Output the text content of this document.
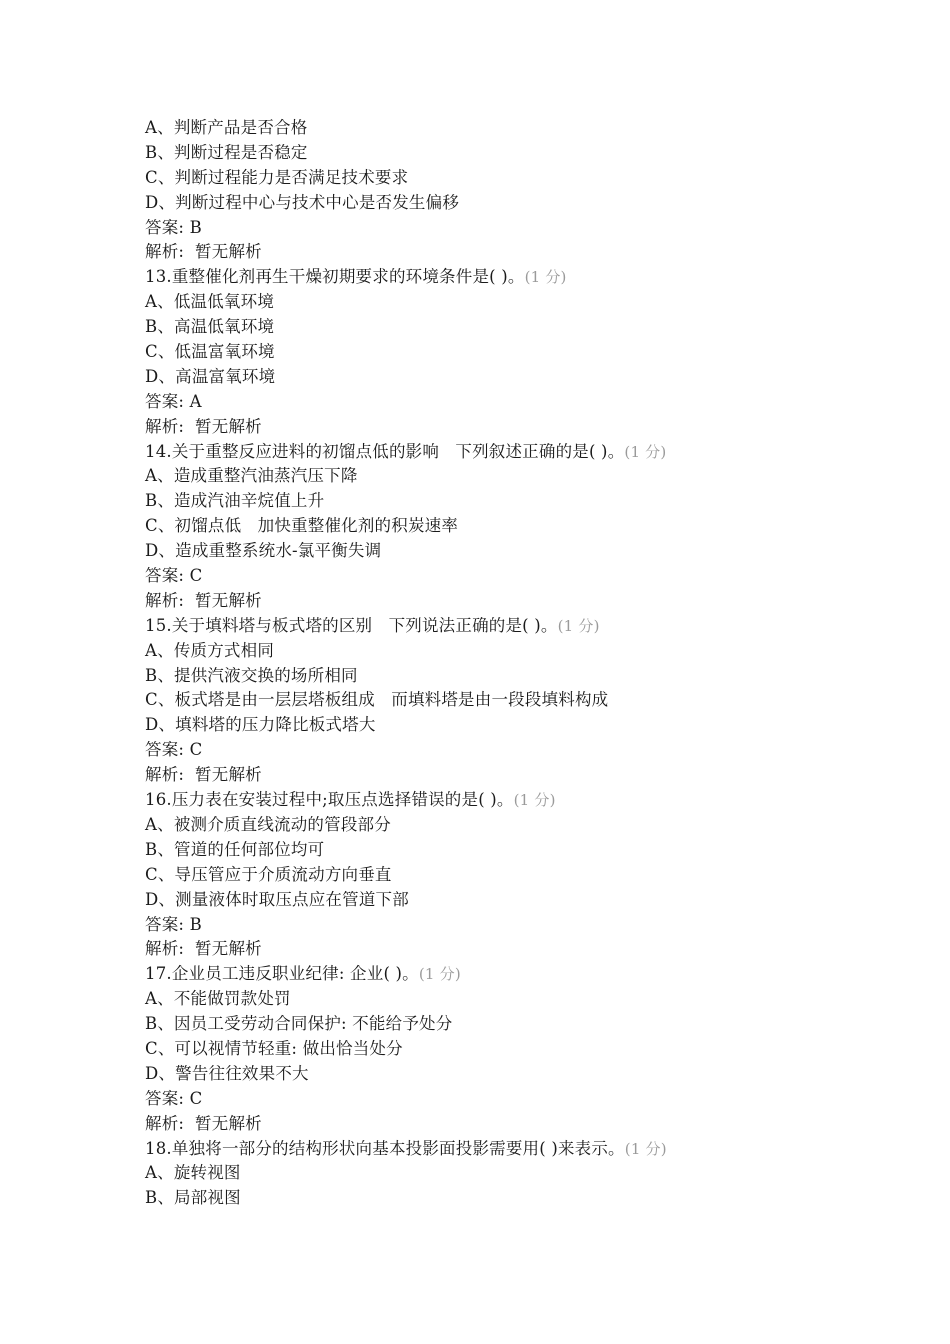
A、判断产品是否合格
B、判断过程是否稳定
C、判断过程能力是否满足技术要求
D、判断过程中心与技术中心是否发生偏移
答案: B
解析:  暂无解析
13.重整催化剂再生干燥初期要求的环境条件是( )。(1 分)
A、低温低氧环境
B、高温低氧环境
C、低温富氧环境
D、高温富氧环境
答案: A
解析:  暂无解析
14.关于重整反应进料的初馏点低的影响   下列叙述正确的是( )。(1 分)
A、造成重整汽油蒸汽压下降
B、造成汽油辛烷值上升
C、初馏点低   加快重整催化剂的积炭速率
D、造成重整系统水-氯平衡失调
答案: C
解析:  暂无解析
15.关于填料塔与板式塔的区别   下列说法正确的是( )。(1 分)
A、传质方式相同
B、提供汽液交换的场所相同
C、板式塔是由一层层塔板组成   而填料塔是由一段段填料构成
D、填料塔的压力降比板式塔大
答案: C
解析:  暂无解析
16.压力表在安装过程中;取压点选择错误的是( )。(1 分)
A、被测介质直线流动的管段部分
B、管道的任何部位均可
C、导压管应于介质流动方向垂直
D、测量液体时取压点应在管道下部
答案: B
解析:  暂无解析
17.企业员工违反职业纪律: 企业( )。(1 分)
A、不能做罚款处罚
B、因员工受劳动合同保护: 不能给予处分
C、可以视情节轻重: 做出恰当处分
D、警告往往效果不大
答案: C
解析:  暂无解析
18.单独将一部分的结构形状向基本投影面投影需要用( )来表示。(1 分)
A、旋转视图
B、局部视图
